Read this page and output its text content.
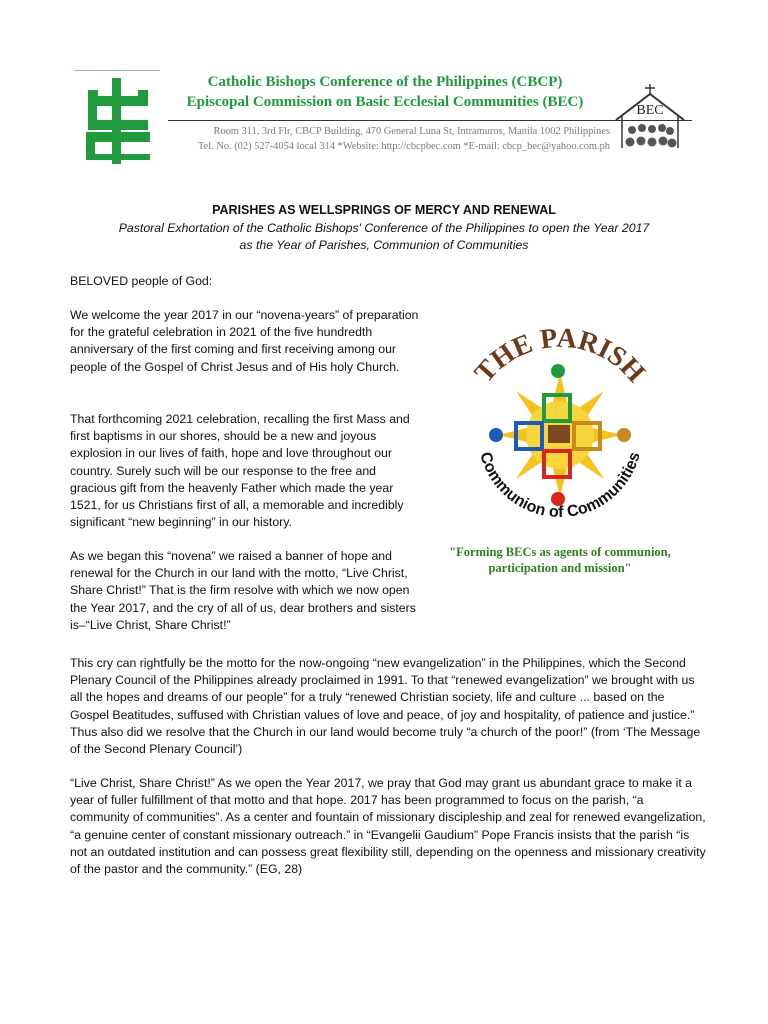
Catholic Bishops Conference of the Philippines (CBCP)

Episcopal Commission on Basic Ecclesial Communities (BEC)

Room 311, 3rd Flr, CBCP Building, 470 General Luna St, Intramuros, Manila 1002 Philippines
Tel. No. (02) 527-4054 local 314 *Website: http://cbcpbec.com *E-mail: cbcp_bec@yahoo.com.ph
BEC
PARISHES AS WELLSPRINGS OF MERCY AND RENEWAL
Pastoral Exhortation of the Catholic Bishops' Conference of the Philippines to open the Year 2017
as the Year of Parishes, Communion of Communities
BELOVED people of God:

We welcome the year 2017 in our “novena-years” of preparation for the grateful celebration in 2021 of the five hundredth anniversary of the first coming and first receiving among our people of the Gospel of Christ Jesus and of His holy Church.

That forthcoming 2021 celebration, recalling the first Mass and first baptisms in our shores, should be a new and joyous explosion in our lives of faith, hope and love throughout our country. Surely such will be our response to the free and gracious gift from the heavenly Father which made the year 1521, for us Christians first of all, a memorable and incredibly significant “new beginning” in our history.

As we began this “novena” we raised a banner of hope and renewal for the Church in our land with the motto, “Live Christ, Share Christ!” That is the firm resolve with which we now open the Year 2017, and the cry of all of us, dear brothers and sisters is–“Live Christ, Share Christ!”

This cry can rightfully be the motto for the now-ongoing “new evangelization” in the Philippines, which the Second Plenary Council of the Philippines already proclaimed in 1991. To that “renewed evangelization” we brought with us all the hopes and dreams of our people” for a truly “renewed Christian society, life and culture ... based on the Gospel Beatitudes, suffused with Christian values of love and peace, of joy and hospitality, of patience and justice.” Thus also did we resolve that the Church in our land would become truly “a church of the poor!” (from ‘The Message of the Second Plenary Council’)

“Live Christ, Share Christ!” As we open the Year 2017, we pray that God may grant us abundant grace to make it a year of fuller fulfillment of that motto and that hope. 2017 has been programmed to focus on the parish, “a community of communities”. As a center and fountain of missionary discipleship and zeal for renewed evangelization, “a genuine center of constant missionary outreach.” in “Evangelii Gaudium” Pope Francis insists that the parish “is not an outdated institution and can possess great flexibility still, depending on the openness and missionary creativity of the pastor and the community.” (EG, 28)

THE PARISH
Communion of Communities
"Forming BECs as agents of communion,
participation and mission"
